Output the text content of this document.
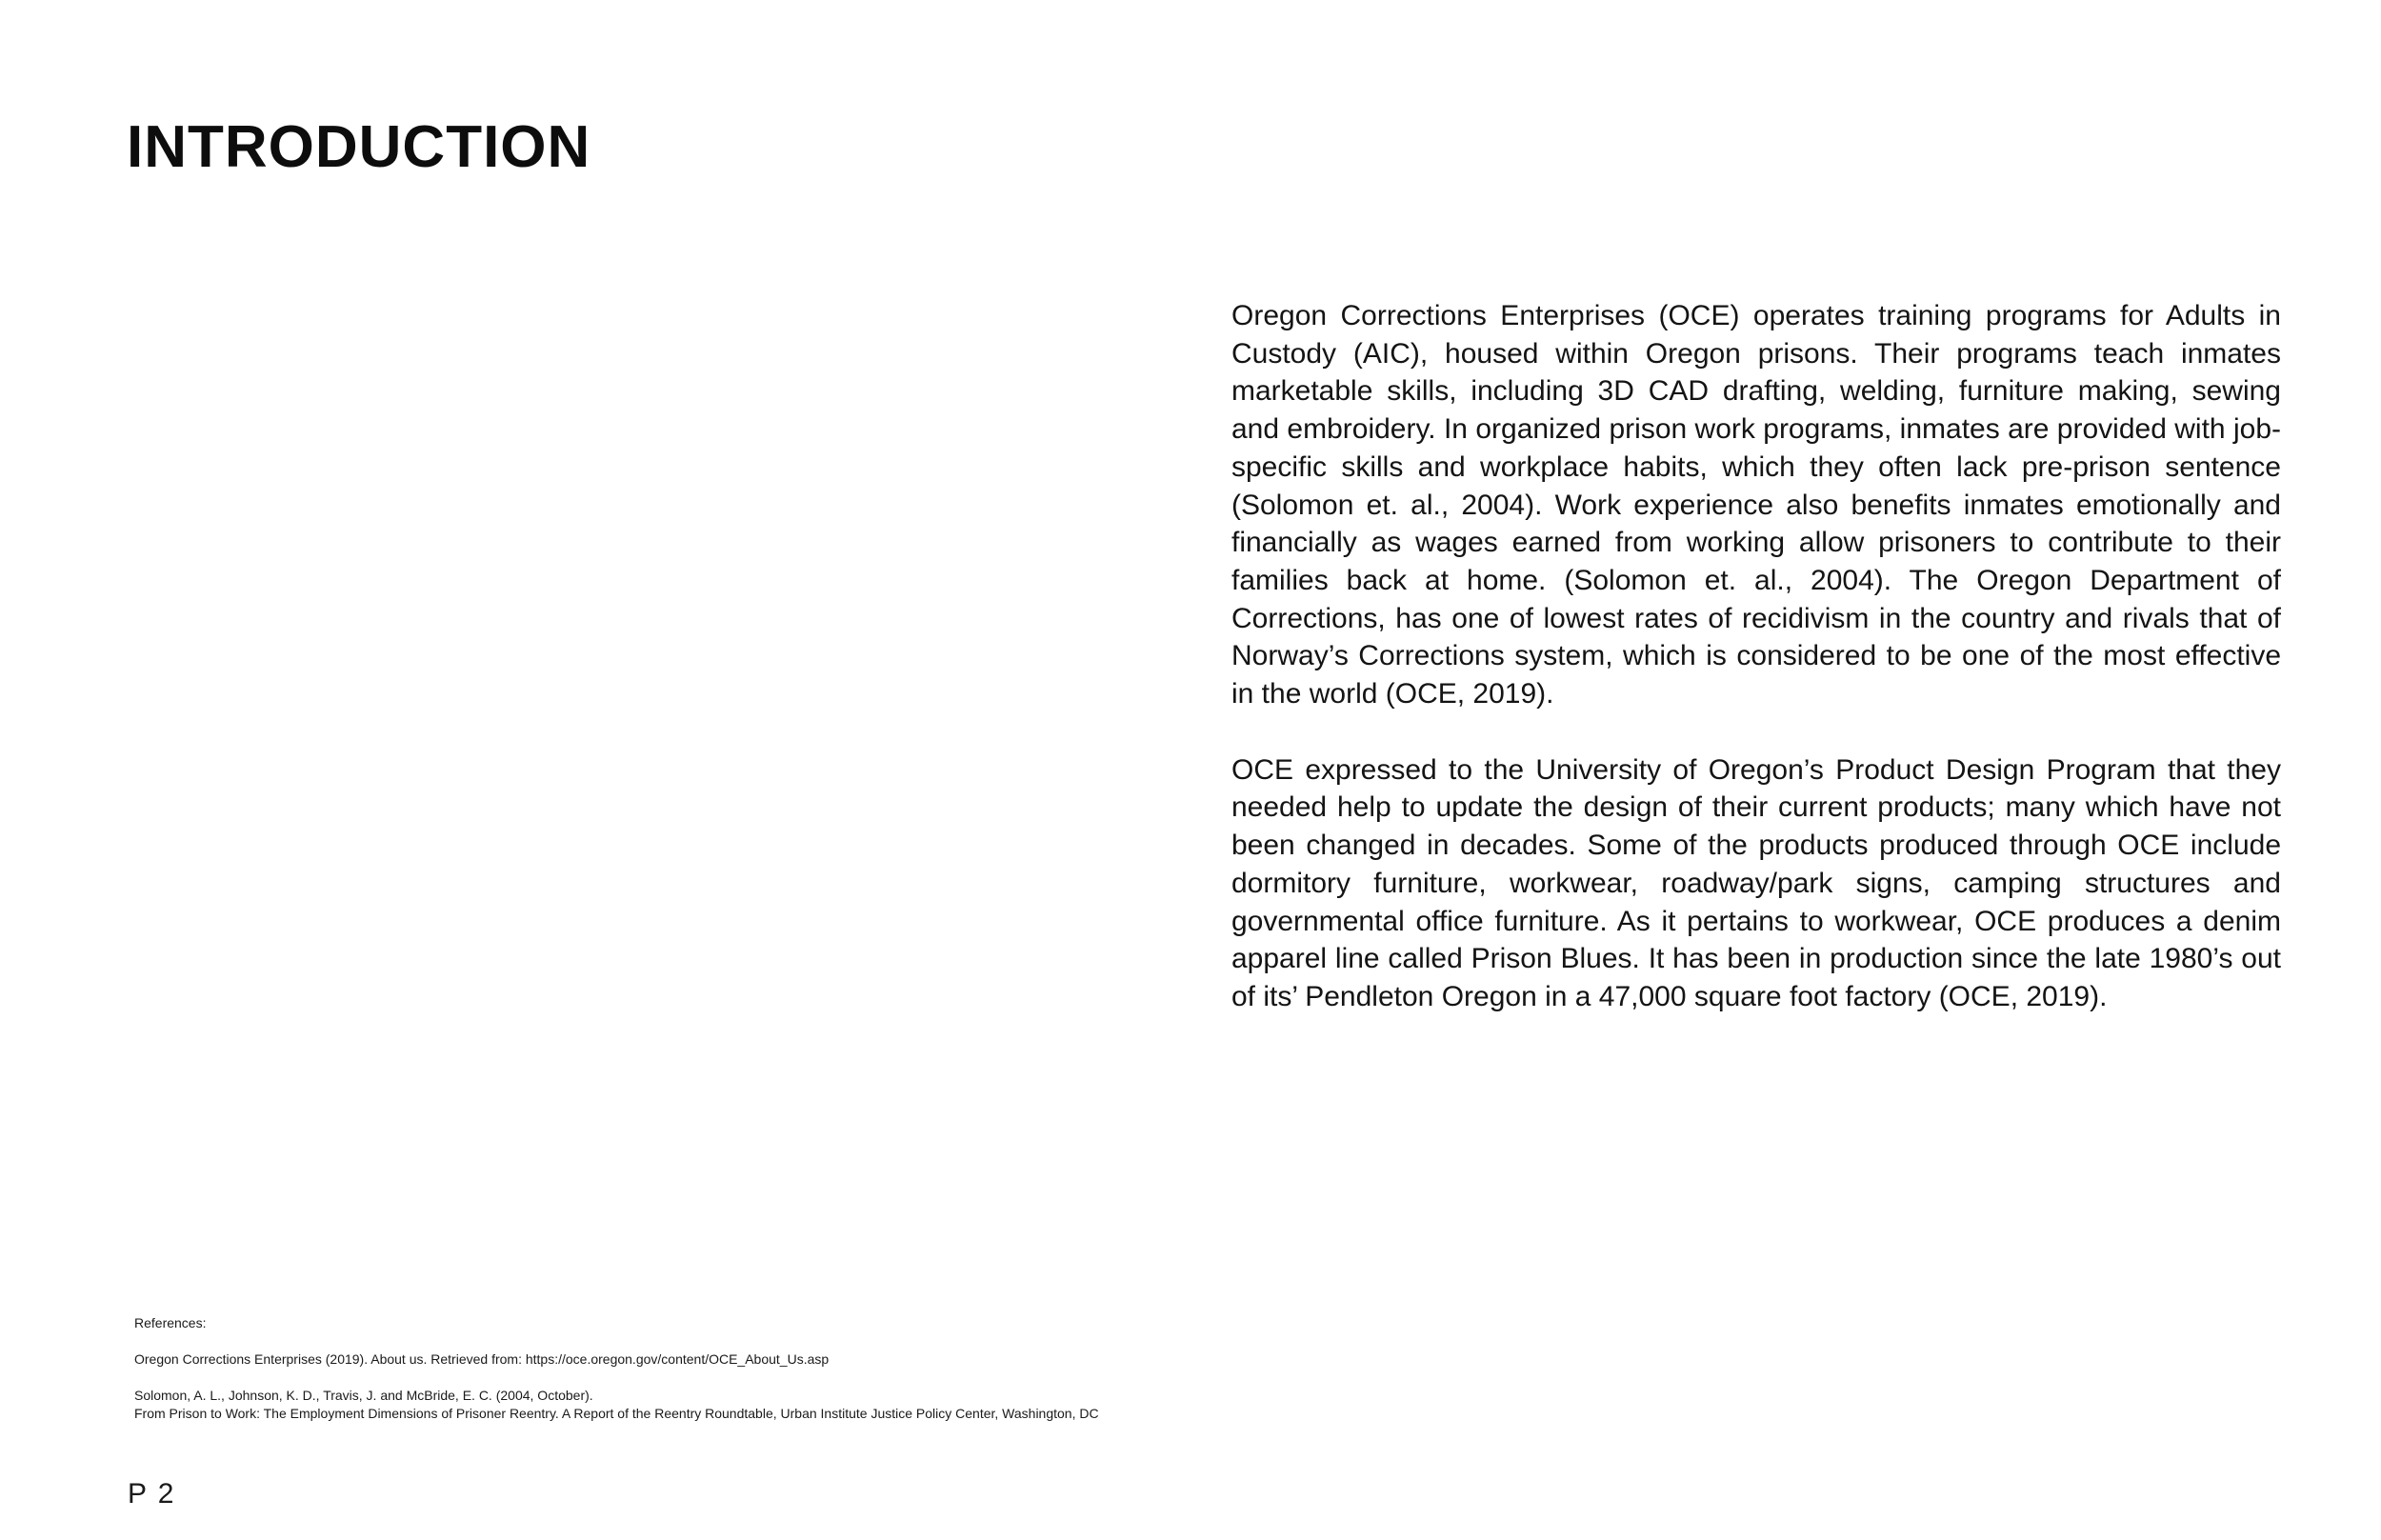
INTRODUCTION

Oregon Corrections Enterprises (OCE) operates training programs for Adults in Custody (AIC), housed within Oregon prisons. Their programs teach inmates marketable skills, including 3D CAD drafting, welding, furniture making, sewing and embroidery. In organized prison work programs, inmates are provided with job-specific skills and workplace habits, which they often lack pre-prison sentence (Solomon et. al., 2004). Work experience also benefits inmates emotionally and financially as wages earned from working allow prisoners to contribute to their families back at home. (Solomon et. al., 2004). The Oregon Department of Corrections, has one of lowest rates of recidivism in the country and rivals that of Norway’s Corrections system, which is considered to be one of the most effective in the world (OCE, 2019).

OCE expressed to the University of Oregon’s Product Design Program that they needed help to update the design of their current products; many which have not been changed in decades. Some of the products produced through OCE include dormitory furniture, workwear, roadway/park signs, camping structures and governmental office furniture. As it pertains to workwear, OCE produces a denim apparel line called Prison Blues. It has been in production since the late 1980’s out of its’ Pendleton Oregon in a 47,000 square foot factory (OCE, 2019).

References:

Oregon Corrections Enterprises (2019). About us. Retrieved from: https://oce.oregon.gov/content/OCE_About_Us.asp

Solomon, A. L., Johnson, K. D., Travis, J. and McBride, E. C. (2004, October).
From Prison to Work: The Employment Dimensions of Prisoner Reentry. A Report of the Reentry Roundtable, Urban Institute Justice Policy Center, Washington, DC

P 2
